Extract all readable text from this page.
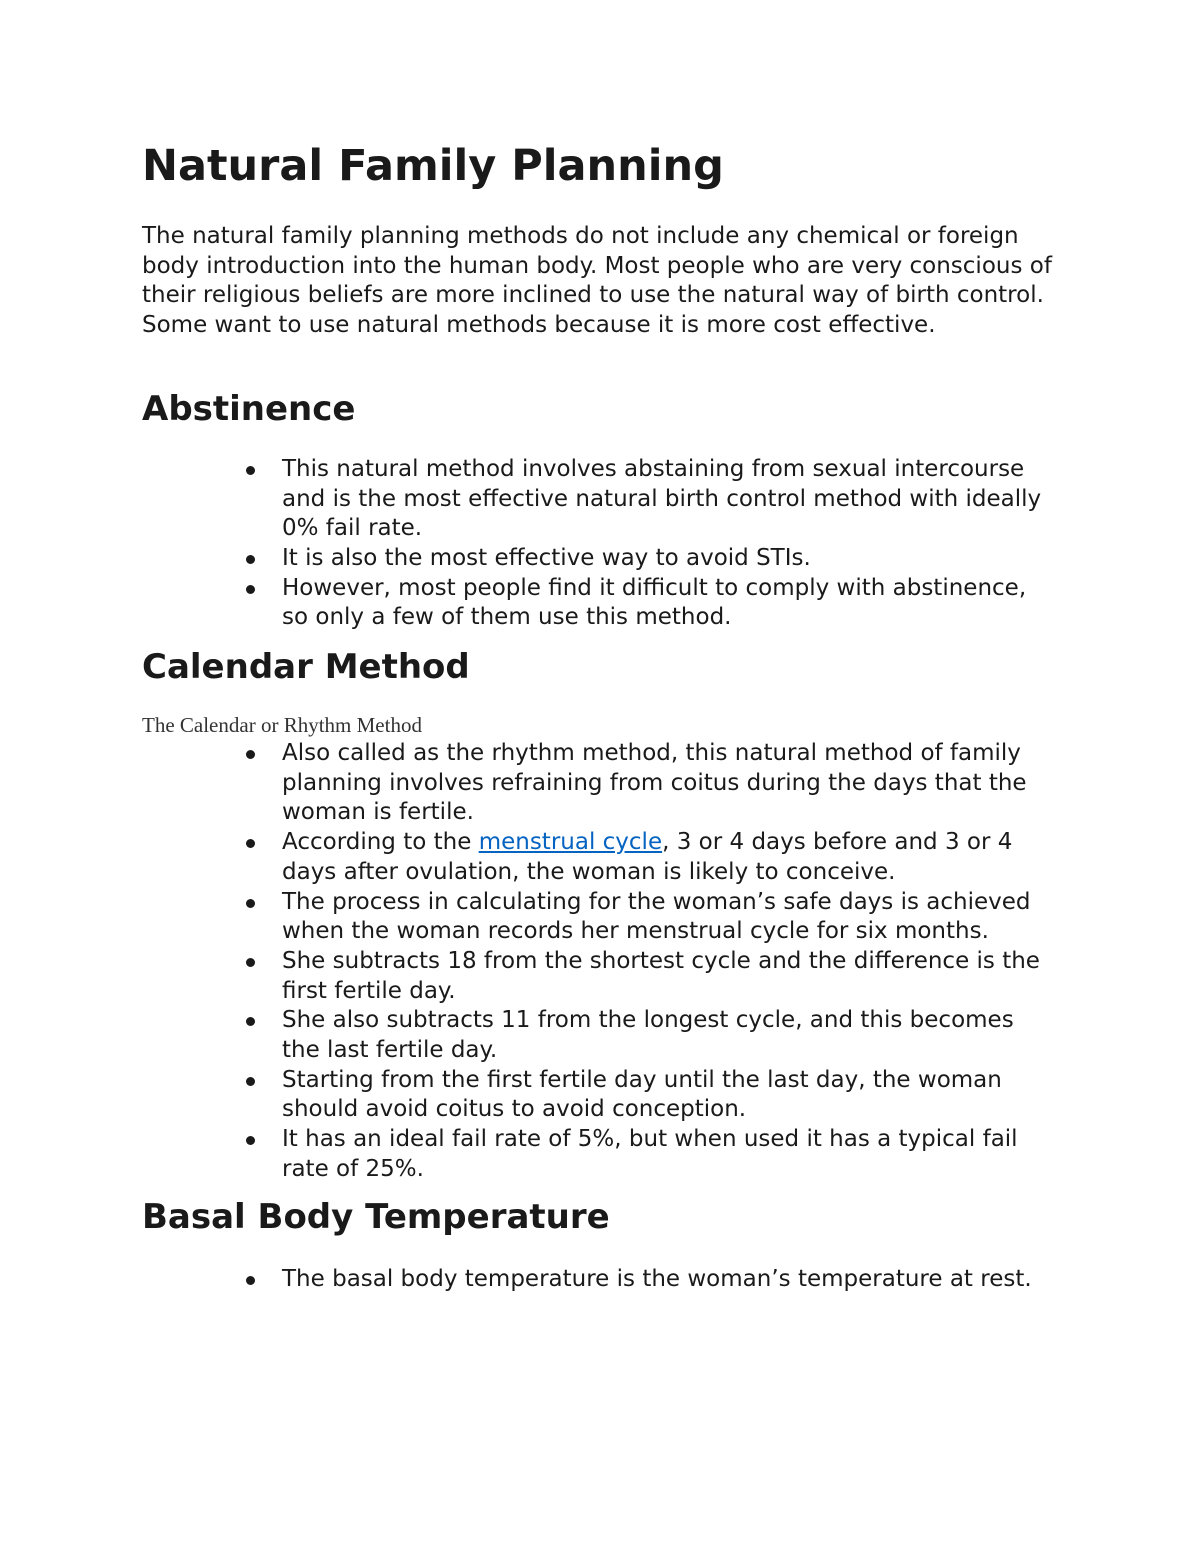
Natural Family Planning

The natural family planning methods do not include any chemical or foreign body introduction into the human body. Most people who are very conscious of their religious beliefs are more inclined to use the natural way of birth control. Some want to use natural methods because it is more cost effective.

Abstinence
This natural method involves abstaining from sexual intercourse and is the most effective natural birth control method with ideally 0% fail rate.
It is also the most effective way to avoid STIs.
However, most people find it difficult to comply with abstinence, so only a few of them use this method.
Calendar Method
The Calendar or Rhythm Method
Also called as the rhythm method, this natural method of family planning involves refraining from coitus during the days that the woman is fertile.
According to the menstrual cycle, 3 or 4 days before and 3 or 4 days after ovulation, the woman is likely to conceive.
The process in calculating for the woman’s safe days is achieved when the woman records her menstrual cycle for six months.
She subtracts 18 from the shortest cycle and the difference is the first fertile day.
She also subtracts 11 from the longest cycle, and this becomes the last fertile day.
Starting from the first fertile day until the last day, the woman should avoid coitus to avoid conception.
It has an ideal fail rate of 5%, but when used it has a typical fail rate of 25%.
Basal Body Temperature
The basal body temperature is the woman’s temperature at rest.
